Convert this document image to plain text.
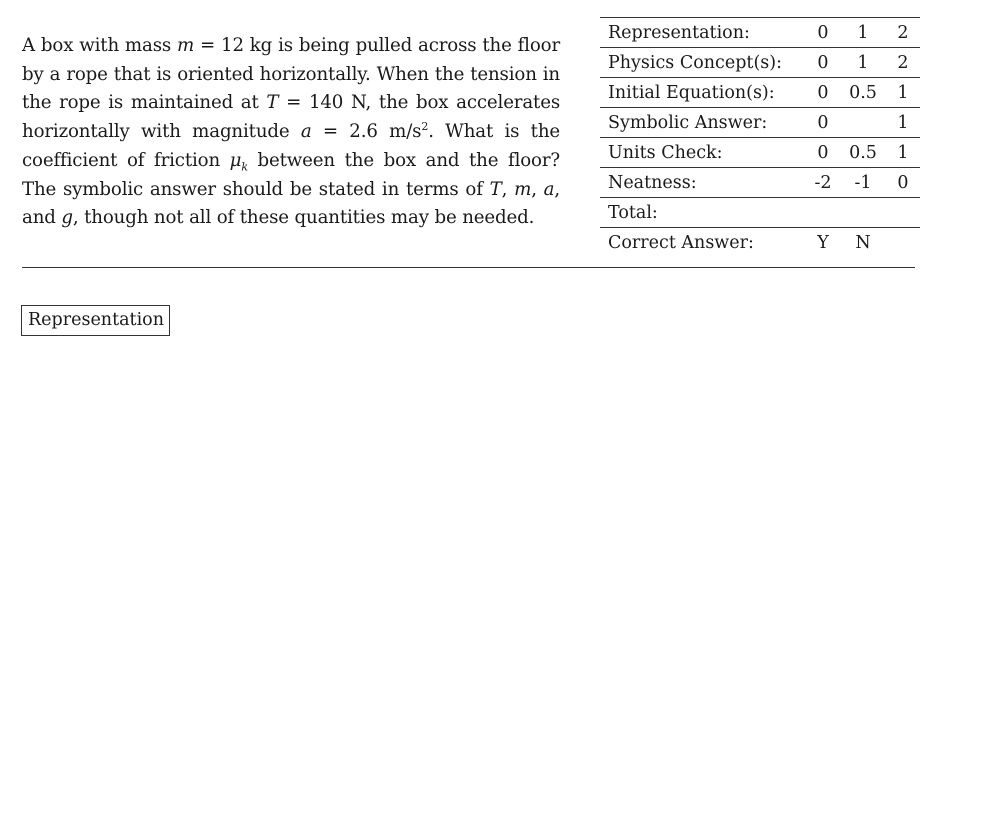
A box with mass m = 12 kg is being pulled across the floor by a rope that is oriented horizontally. When the tension in the rope is maintained at T = 140 N, the box accelerates horizontally with magnitude a = 2.6 $m/s^2$. What is the coefficient of friction $\mu_k$ between the box and the floor? The symbolic answer should be stated in terms of T, m, a, and g, though not all of these quantities may be needed.
Representation:	0	1	2
Physics Concept(s):	0	1	2
Initial Equation(s):	0	0.5	1
Symbolic Answer:	0		1
Units Check:	0	0.5	1
Neatness:	-2	-1	0
Total:			
Correct Answer:	Y	N	
Representation
